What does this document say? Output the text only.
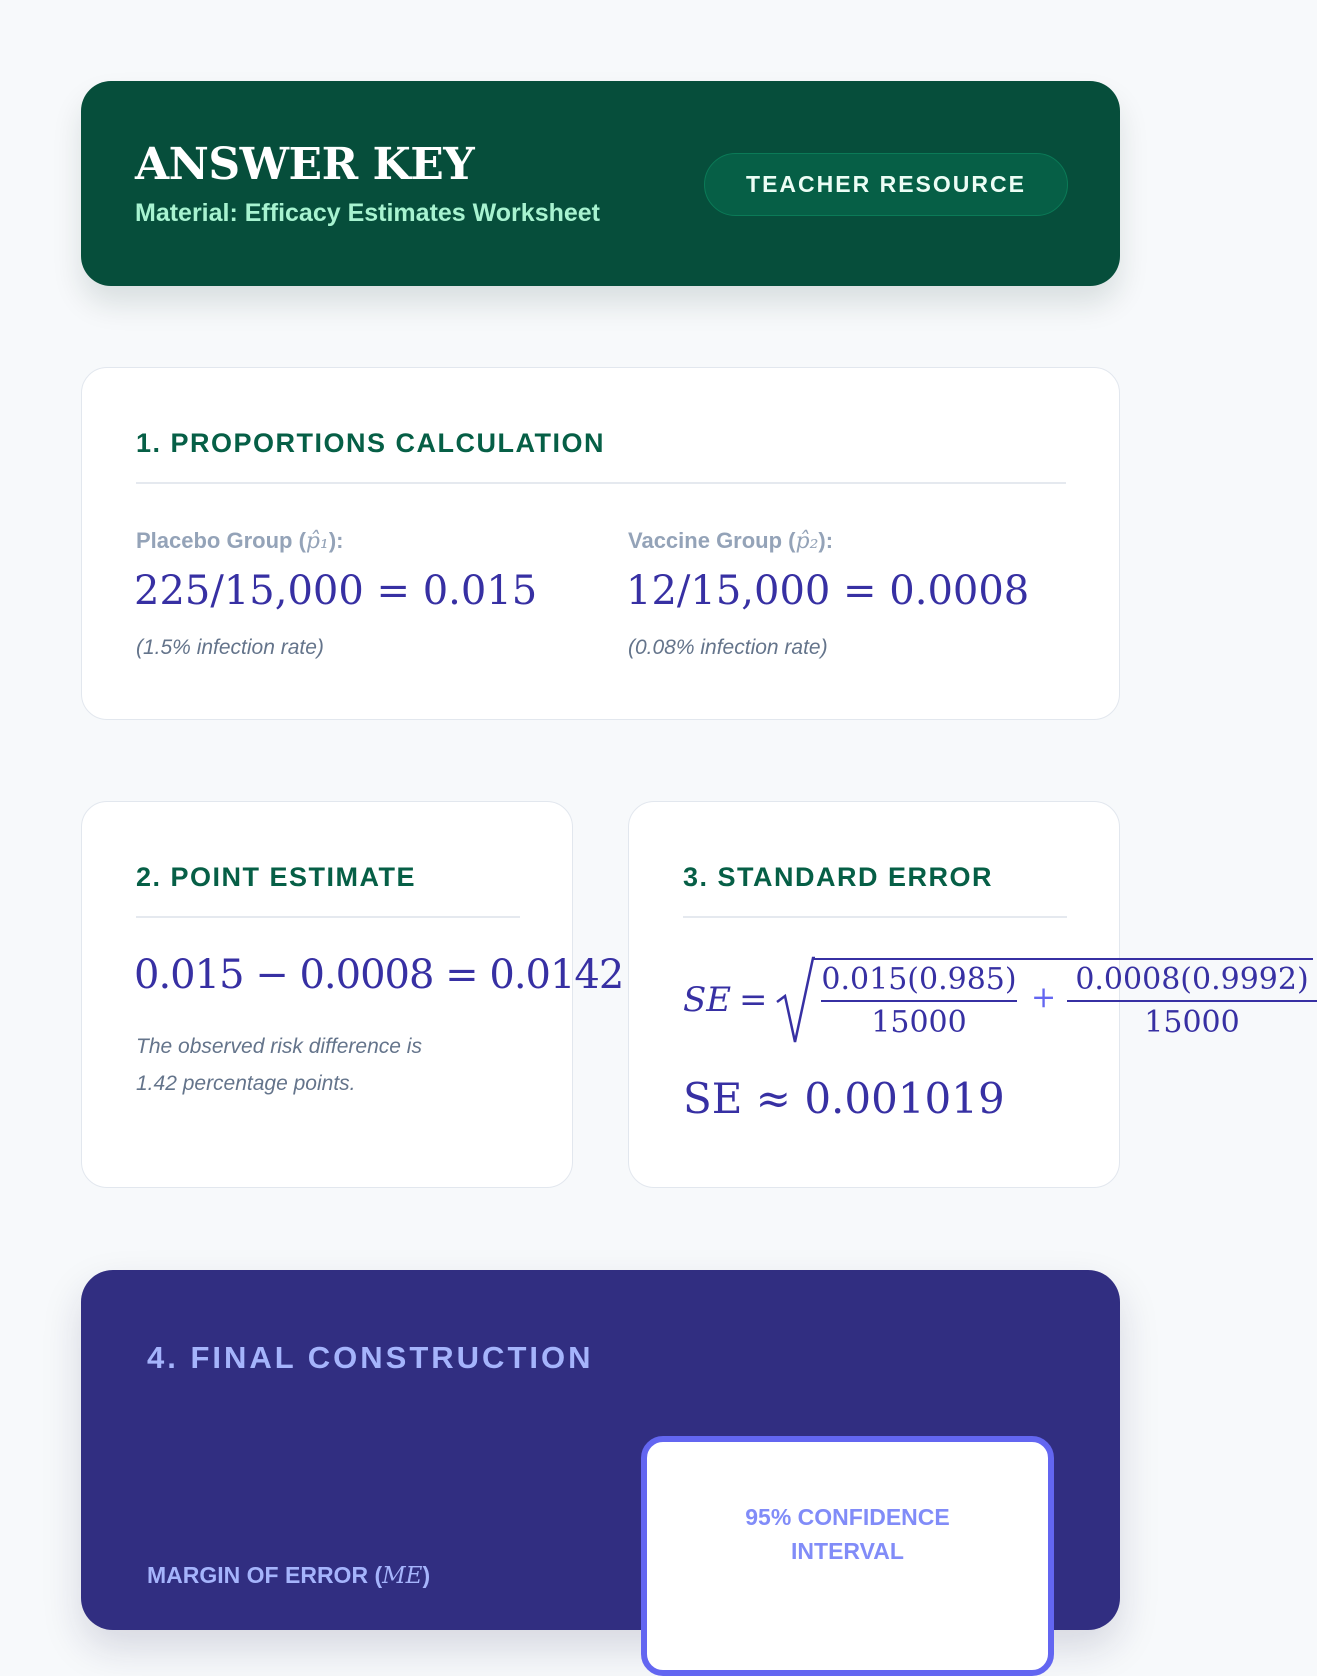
ANSWER KEY
Material: Efficacy Estimates Worksheet
TEACHER RESOURCE
1. PROPORTIONS CALCULATION
Placebo Group (p̂₁):
225/15,000 = 0.015
(1.5% infection rate)
Vaccine Group (p̂₂):
12/15,000 = 0.0008
(0.08% infection rate)
2. POINT ESTIMATE
0.015 − 0.0008 = 0.0142
The observed risk difference is
1.42 percentage points.
3. STANDARD ERROR
SE =
0.015(0.985)
15000
+
0.0008(0.9992)
15000
SE ≈ 0.001019
4. FINAL CONSTRUCTION
MARGIN OF ERROR (ME)
95% CONFIDENCE INTERVAL
